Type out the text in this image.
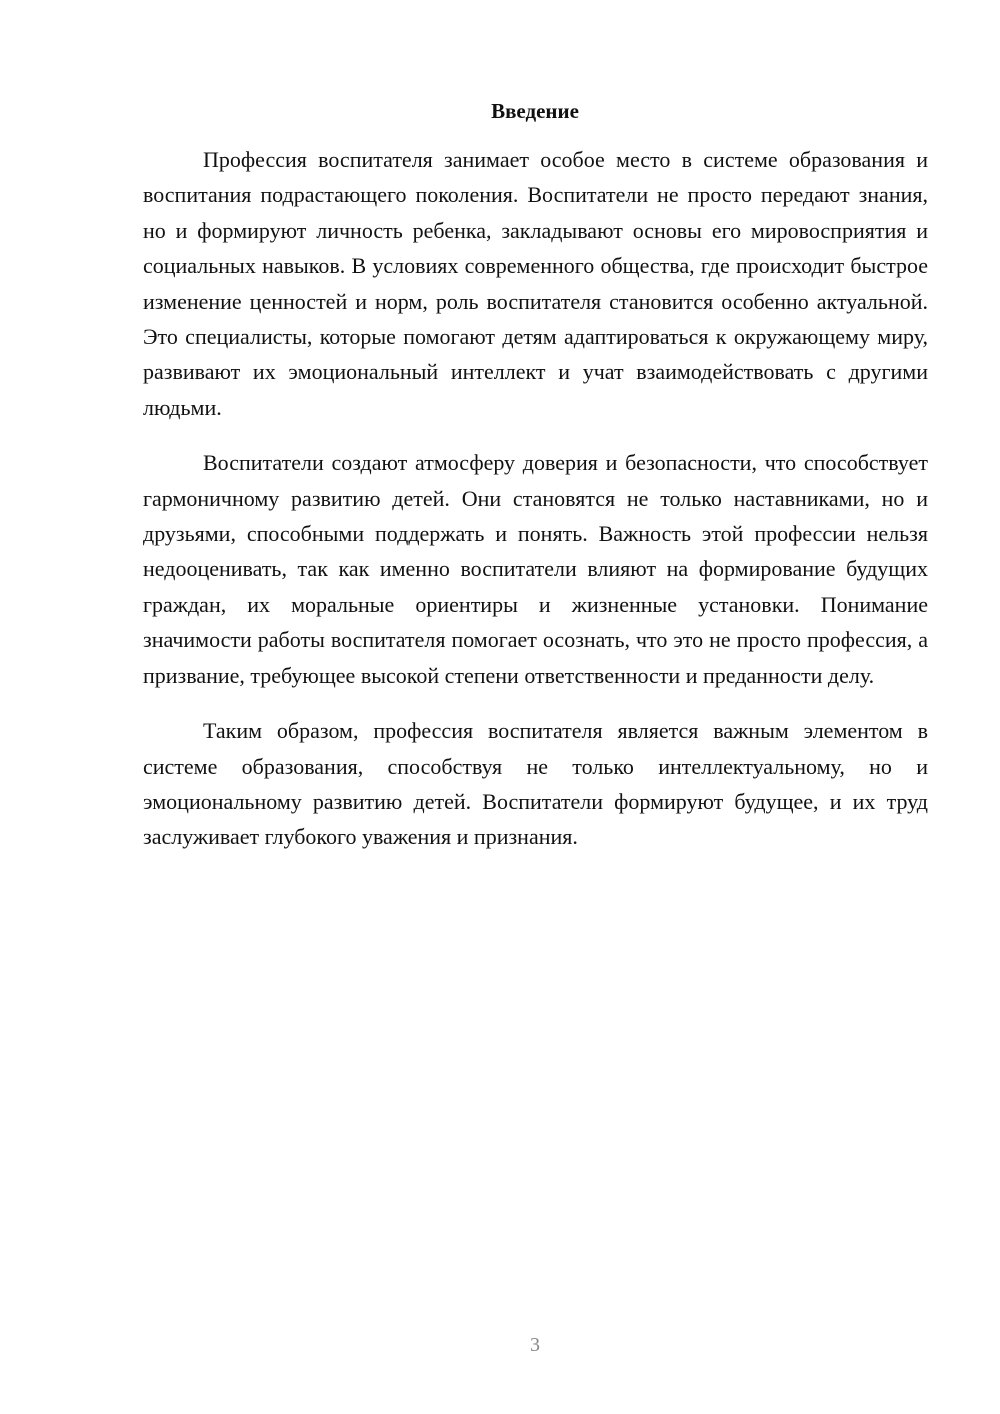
Введение

Профессия воспитателя занимает особое место в системе образования и воспитания подрастающего поколения. Воспитатели не просто передают знания, но и формируют личность ребенка, закладывают основы его мировосприятия и социальных навыков. В условиях современного общества, где происходит быстрое изменение ценностей и норм, роль воспитателя становится особенно актуальной. Это специалисты, которые помогают детям адаптироваться к окружающему миру, развивают их эмоциональный интеллект и учат взаимодействовать с другими людьми.

Воспитатели создают атмосферу доверия и безопасности, что способствует гармоничному развитию детей. Они становятся не только наставниками, но и друзьями, способными поддержать и понять. Важность этой профессии нельзя недооценивать, так как именно воспитатели влияют на формирование будущих граждан, их моральные ориентиры и жизненные установки. Понимание значимости работы воспитателя помогает осознать, что это не просто профессия, а призвание, требующее высокой степени ответственности и преданности делу.

Таким образом, профессия воспитателя является важным элементом в системе образования, способствуя не только интеллектуальному, но и эмоциональному развитию детей. Воспитатели формируют будущее, и их труд заслуживает глубокого уважения и признания.

3
